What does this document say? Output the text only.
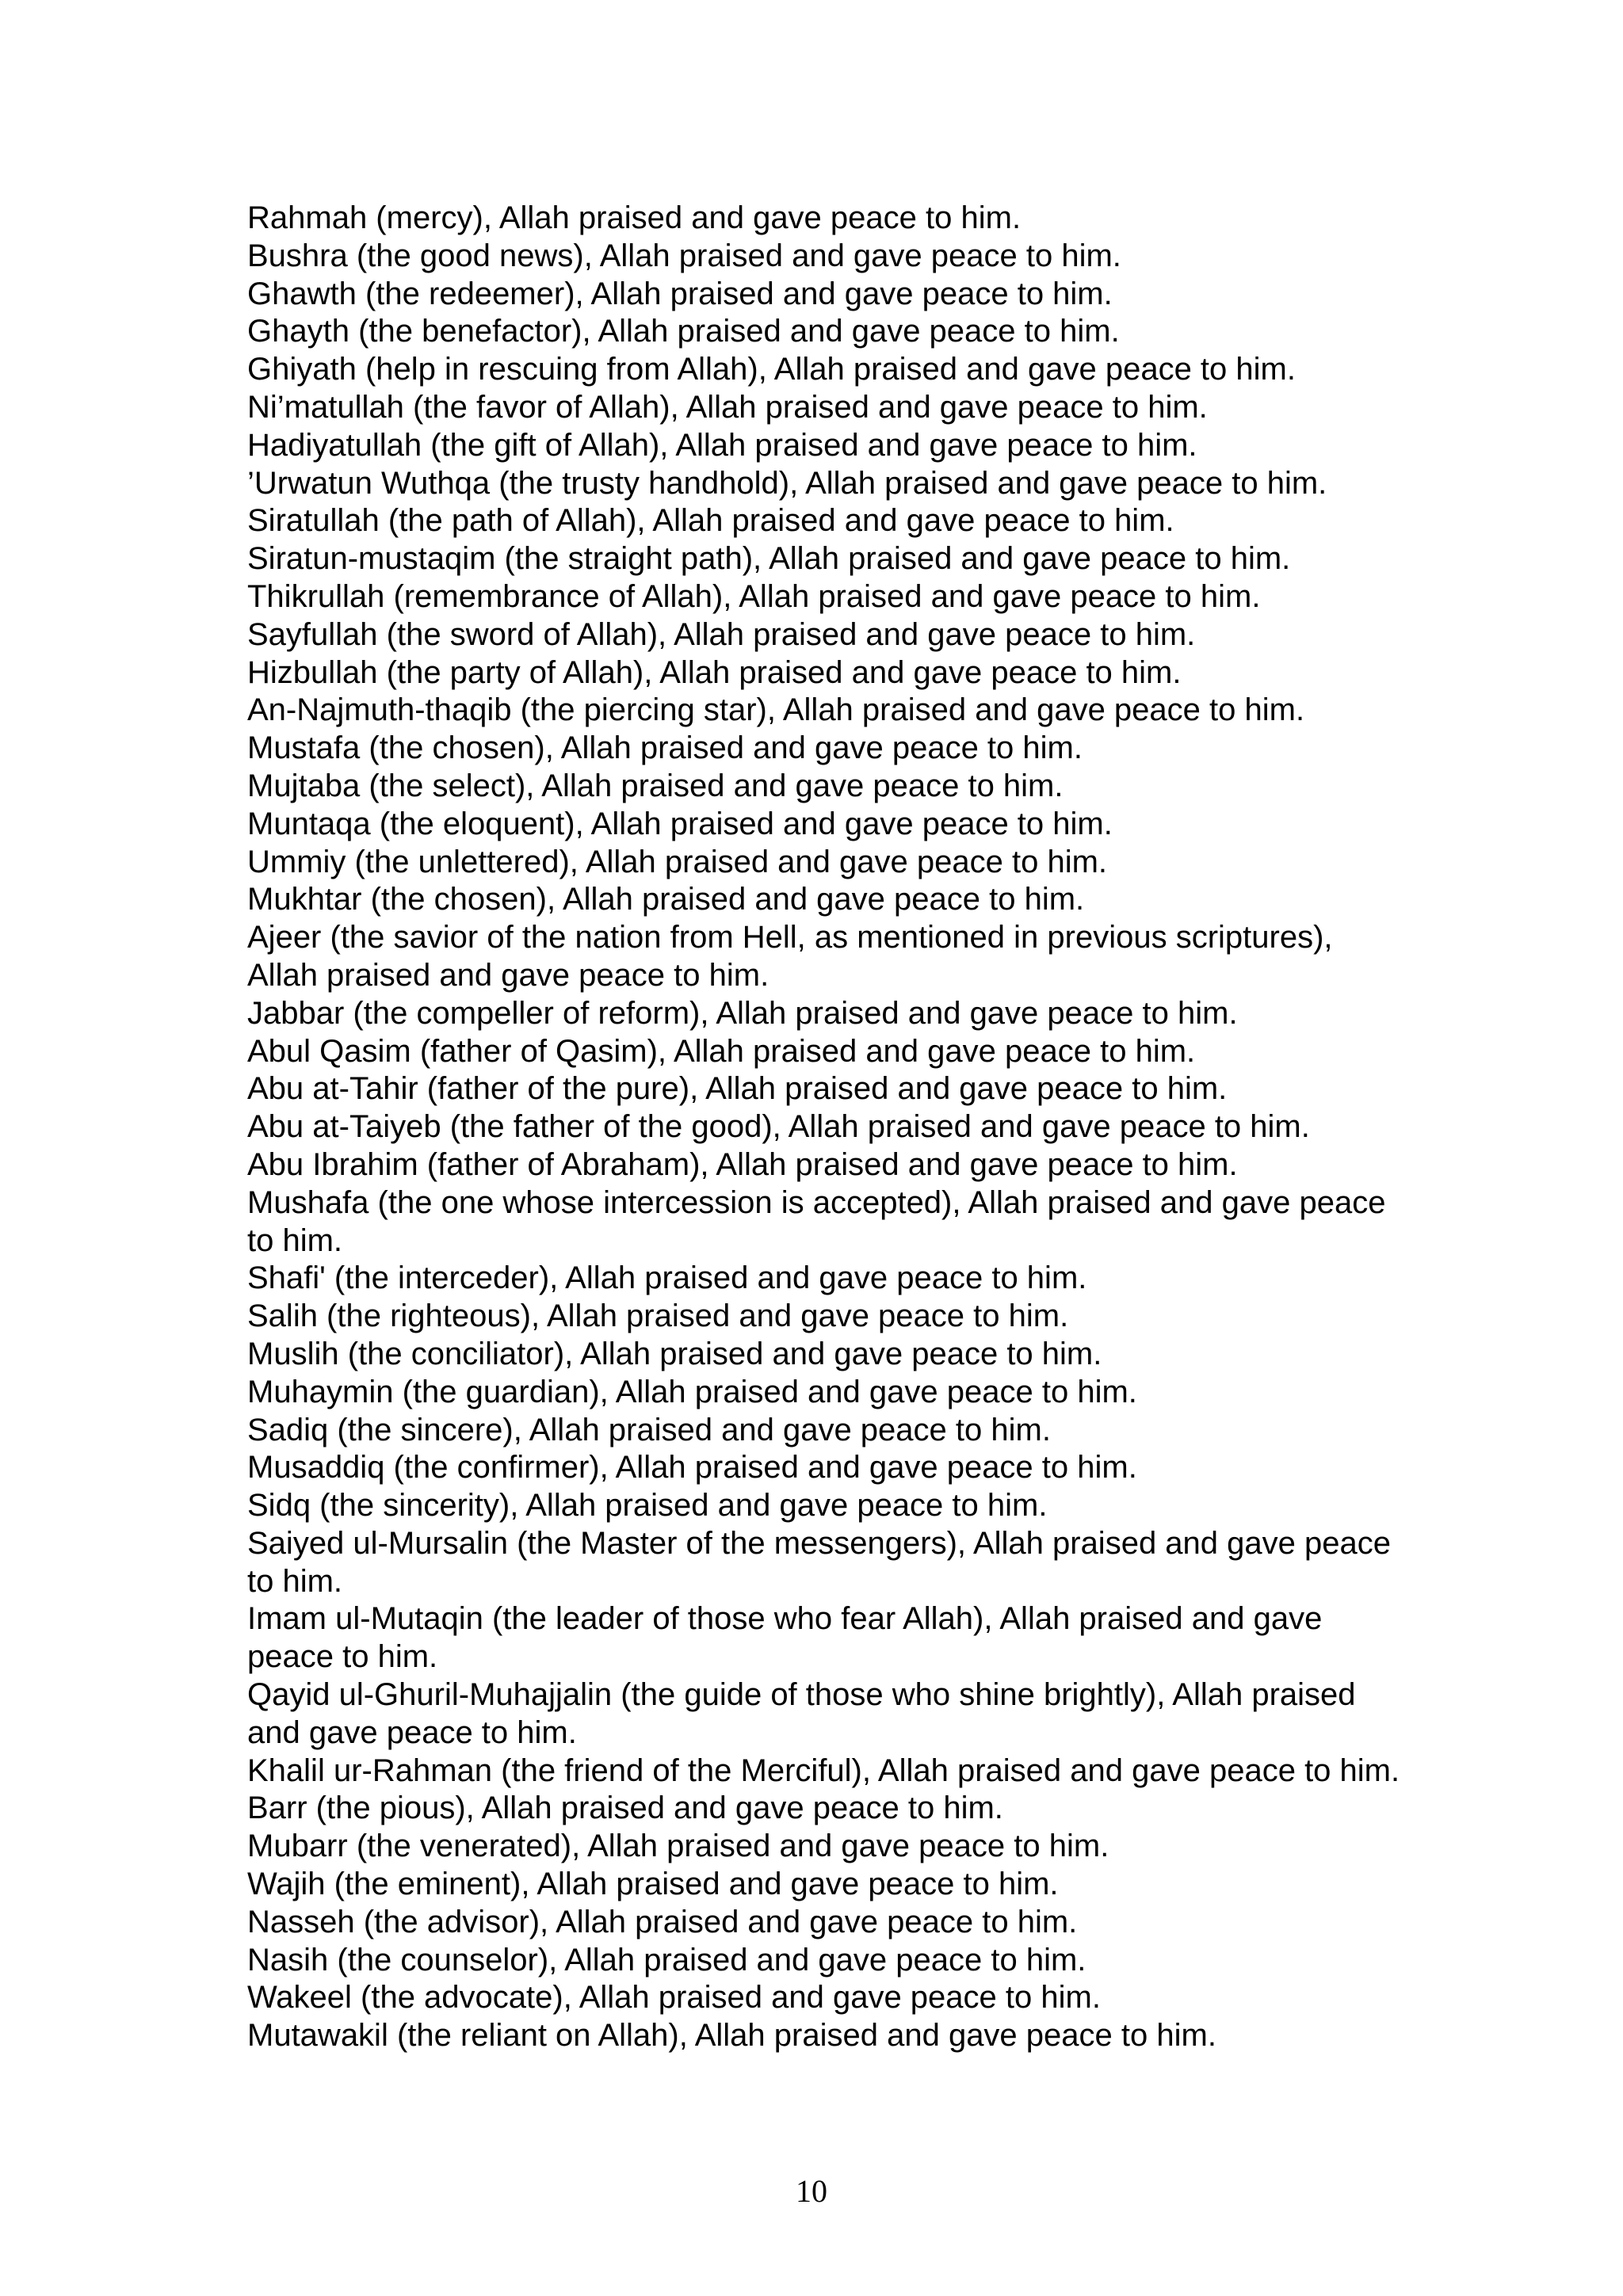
Rahmah (mercy), Allah praised and gave peace to him.
Bushra (the good news), Allah praised and gave peace to him.
Ghawth (the redeemer), Allah praised and gave peace to him.
Ghayth (the benefactor), Allah praised and gave peace to him.
Ghiyath (help in rescuing from Allah), Allah praised and gave peace to him.
Ni’matullah (the favor of Allah), Allah praised and gave peace to him.
Hadiyatullah (the gift of Allah), Allah praised and gave peace to him.
’Urwatun Wuthqa (the trusty handhold), Allah praised and gave peace to him.
Siratullah (the path of Allah), Allah praised and gave peace to him.
Siratun-mustaqim (the straight path), Allah praised and gave peace to him.
Thikrullah (remembrance of Allah), Allah praised and gave peace to him.
Sayfullah (the sword of Allah), Allah praised and gave peace to him.
Hizbullah (the party of Allah), Allah praised and gave peace to him.
An-Najmuth-thaqib (the piercing star), Allah praised and gave peace to him.
Mustafa (the chosen), Allah praised and gave peace to him.
Mujtaba (the select), Allah praised and gave peace to him.
Muntaqa (the eloquent), Allah praised and gave peace to him.
Ummiy (the unlettered), Allah praised and gave peace to him.
Mukhtar (the chosen), Allah praised and gave peace to him.
Ajeer (the savior of the nation from Hell, as mentioned in previous scriptures), Allah praised and gave peace to him.
Jabbar (the compeller of reform), Allah praised and gave peace to him.
Abul Qasim (father of Qasim), Allah praised and gave peace to him.
Abu at-Tahir (father of the pure), Allah praised and gave peace to him.
Abu at-Taiyeb (the father of the good), Allah praised and gave peace to him.
Abu Ibrahim (father of Abraham), Allah praised and gave peace to him.
Mushafa (the one whose intercession is accepted), Allah praised and gave peace to him.
Shafi' (the interceder), Allah praised and gave peace to him.
Salih (the righteous), Allah praised and gave peace to him.
Muslih (the conciliator), Allah praised and gave peace to him.
Muhaymin (the guardian), Allah praised and gave peace to him.
Sadiq (the sincere), Allah praised and gave peace to him.
Musaddiq (the confirmer), Allah praised and gave peace to him.
Sidq (the sincerity), Allah praised and gave peace to him.
Saiyed ul-Mursalin (the Master of the messengers), Allah praised and gave peace to him.
Imam ul-Mutaqin (the leader of those who fear Allah), Allah praised and gave peace to him.
Qayid ul-Ghuril-Muhajjalin (the guide of those who shine brightly), Allah praised and gave peace to him.
Khalil ur-Rahman (the friend of the Merciful), Allah praised and gave peace to him.
Barr (the pious), Allah praised and gave peace to him.
Mubarr (the venerated), Allah praised and gave peace to him.
Wajih (the eminent), Allah praised and gave peace to him.
Nasseh (the advisor), Allah praised and gave peace to him.
Nasih (the counselor), Allah praised and gave peace to him.
Wakeel (the advocate), Allah praised and gave peace to him.
Mutawakil (the reliant on Allah), Allah praised and gave peace to him.
10
